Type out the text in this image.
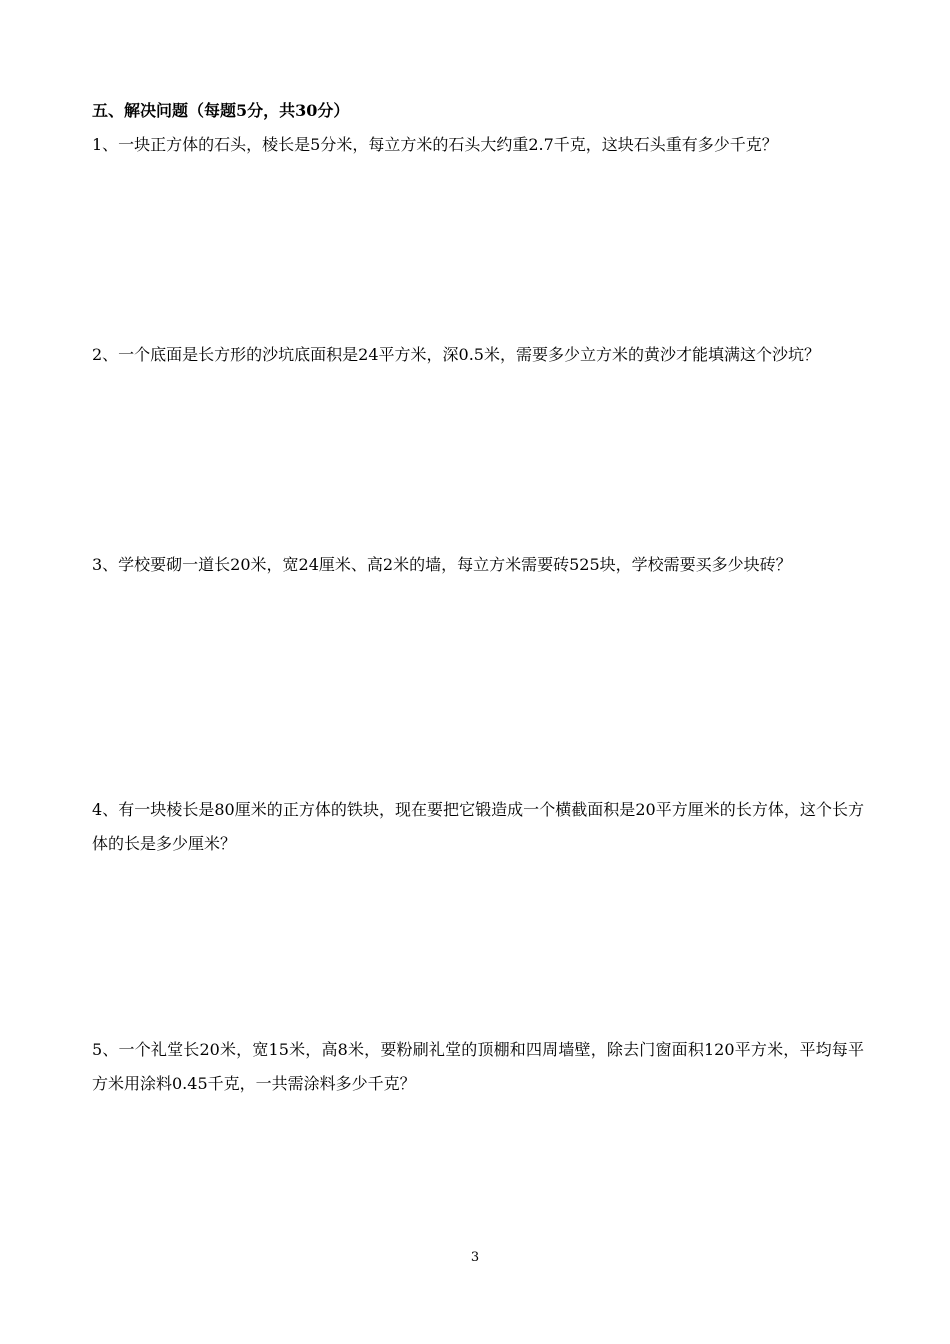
五、解决问题（每题5分，共30分）
1、一块正方体的石头，棱长是5分米，每立方米的石头大约重2.7千克，这块石头重有多少千克？
2、一个底面是长方形的沙坑底面积是24平方米，深0.5米，需要多少立方米的黄沙才能填满这个沙坑？
3、学校要砌一道长20米，宽24厘米、高2米的墙，每立方米需要砖525块，学校需要买多少块砖？
4、有一块棱长是80厘米的正方体的铁块，现在要把它锻造成一个横截面积是20平方厘米的长方体，这个长方体的长是多少厘米？
5、一个礼堂长20米，宽15米，高8米，要粉刷礼堂的顶棚和四周墙壁，除去门窗面积120平方米，平均每平方米用涂料0.45千克，一共需涂料多少千克？
3
